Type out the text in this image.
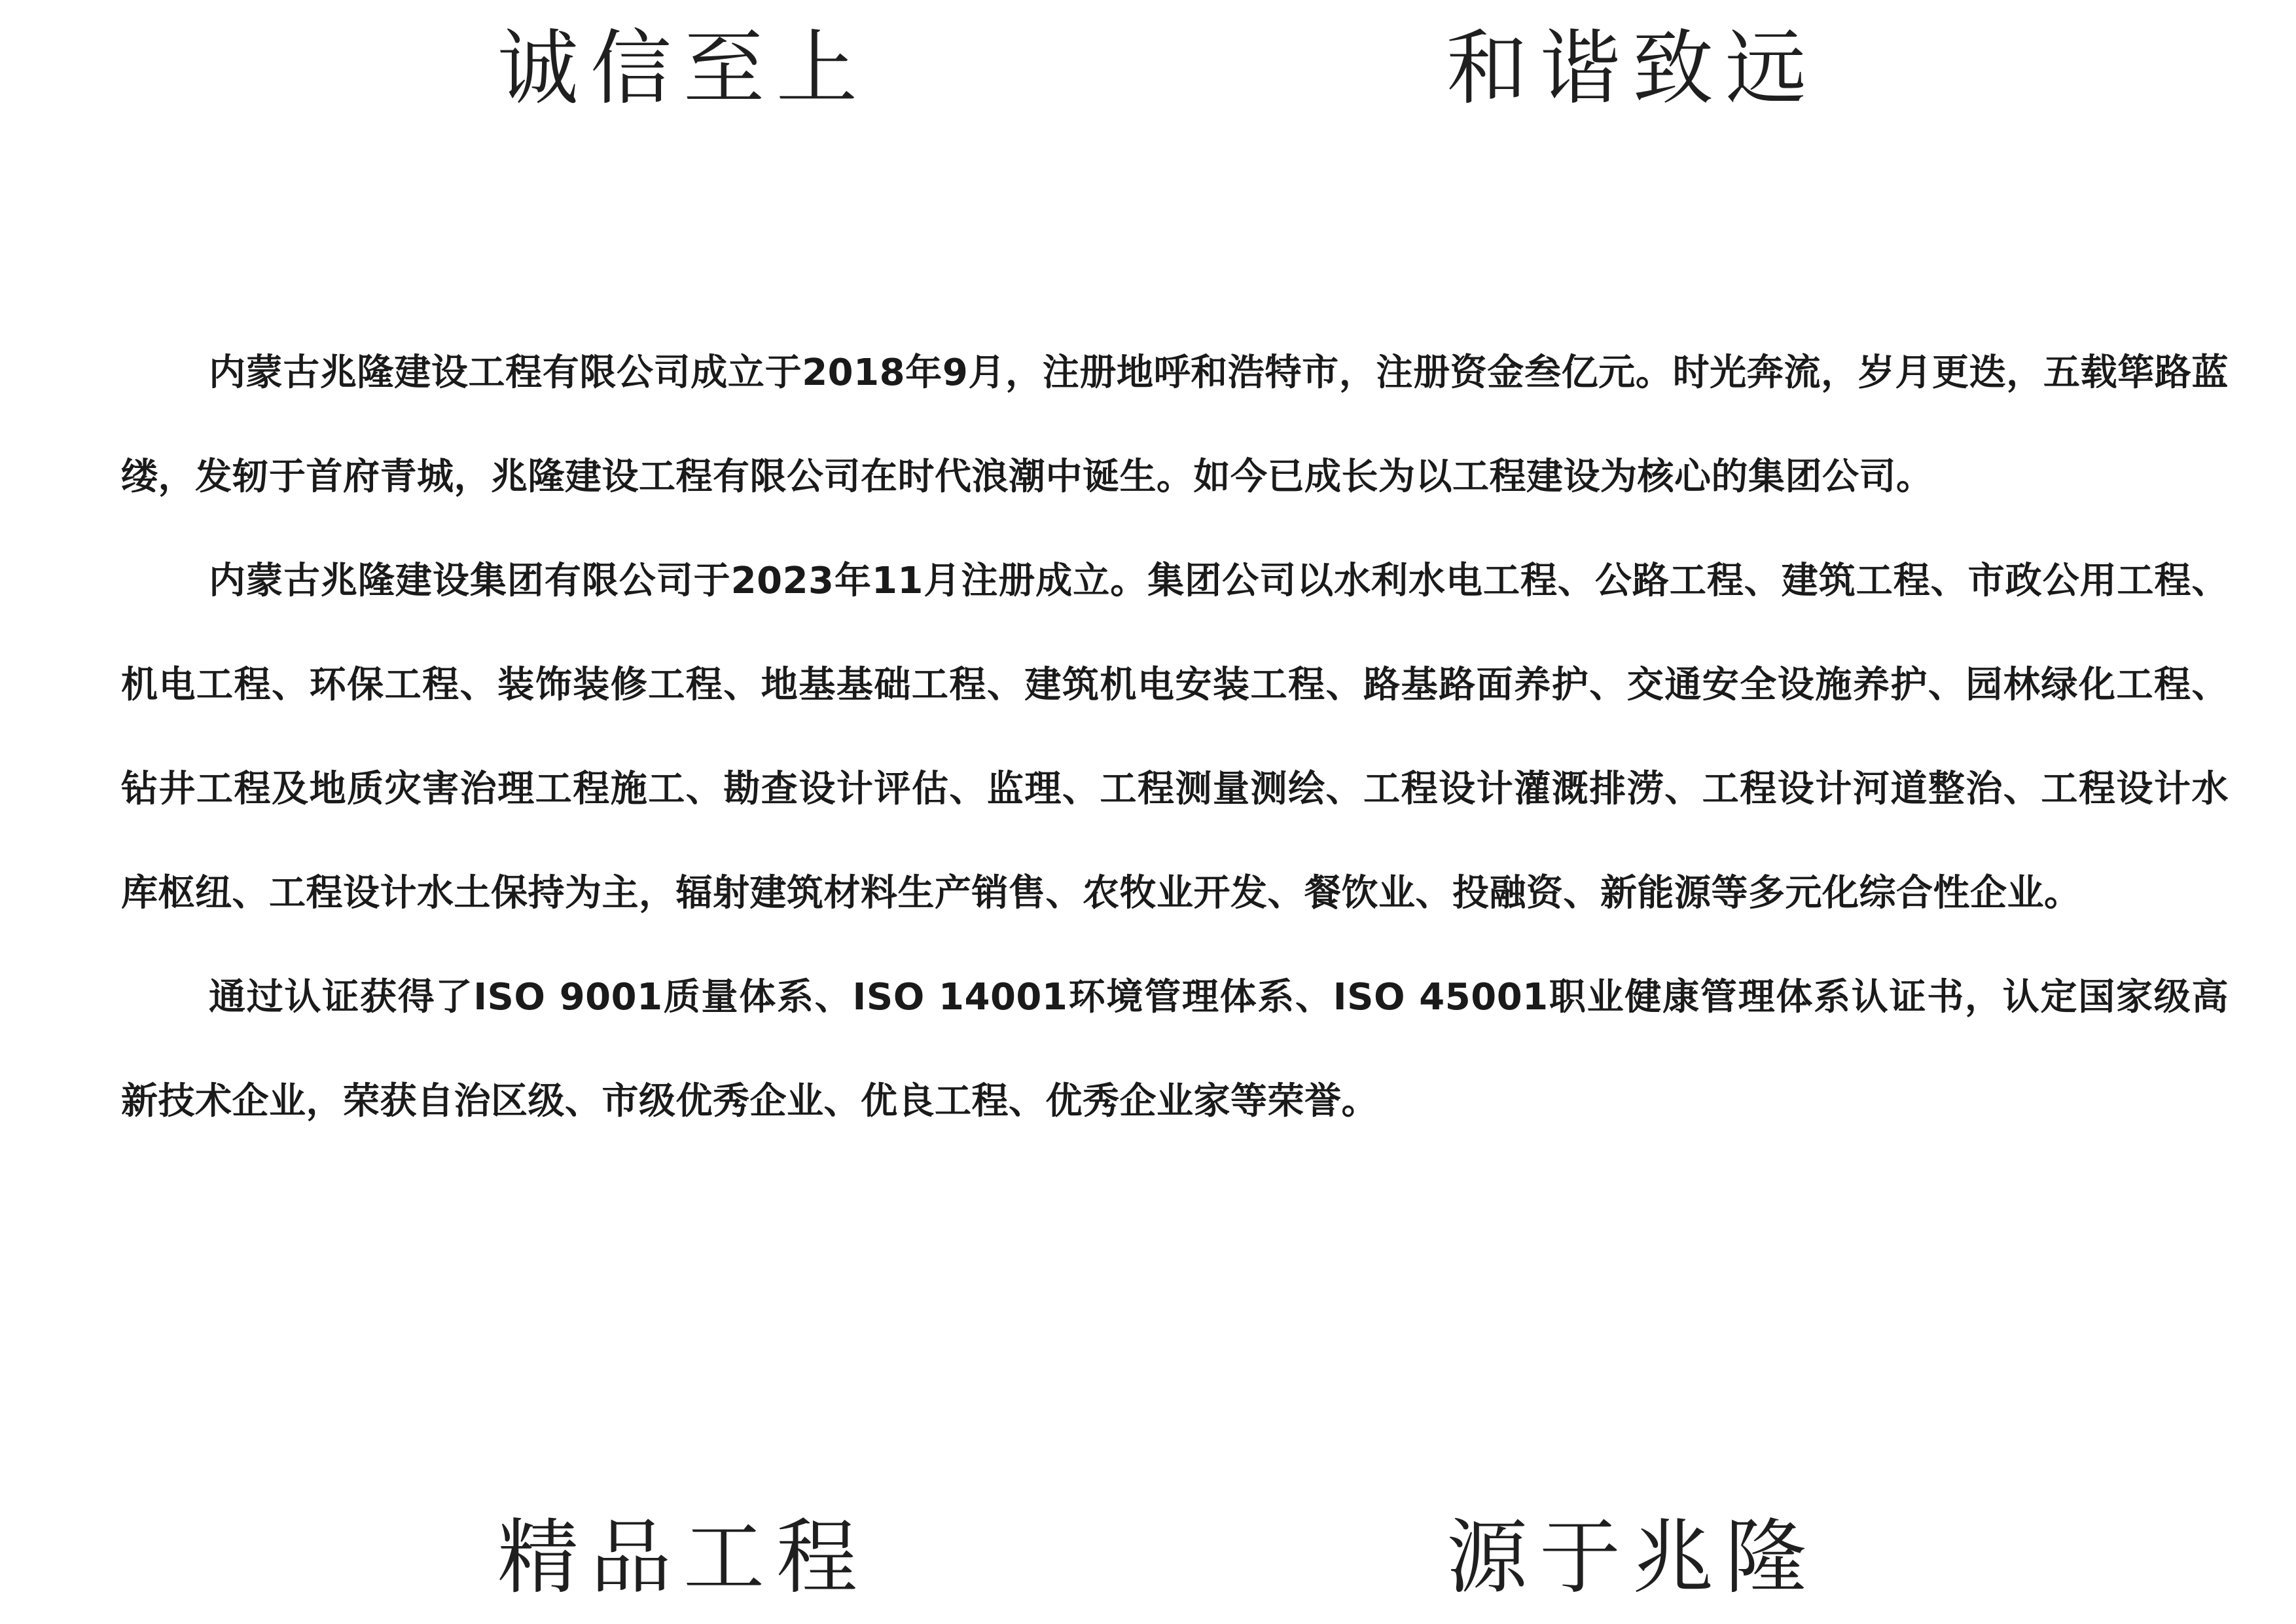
诚信至上	和谐致远

内蒙古兆隆建设工程有限公司成立于2018年9月，注册地呼和浩特市，注册资金叁亿元。时光奔流，岁月更迭，五载筚路蓝缕，发轫于首府青城，兆隆建设工程有限公司在时代浪潮中诞生。如今已成长为以工程建设为核心的集团公司。

内蒙古兆隆建设集团有限公司于2023年11月注册成立。集团公司以水利水电工程、公路工程、建筑工程、市政公用工程、机电工程、环保工程、装饰装修工程、地基基础工程、建筑机电安装工程、路基路面养护、交通安全设施养护、园林绿化工程、钻井工程及地质灾害治理工程施工、勘查设计评估、监理、工程测量测绘、工程设计灌溉排涝、工程设计河道整治、工程设计水库枢纽、工程设计水土保持为主，辐射建筑材料生产销售、农牧业开发、餐饮业、投融资、新能源等多元化综合性企业。

通过认证获得了ISO 9001质量体系、ISO 14001环境管理体系、ISO 45001职业健康管理体系认证书，认定国家级高新技术企业，荣获自治区级、市级优秀企业、优良工程、优秀企业家等荣誉。

精品工程	源于兆隆
